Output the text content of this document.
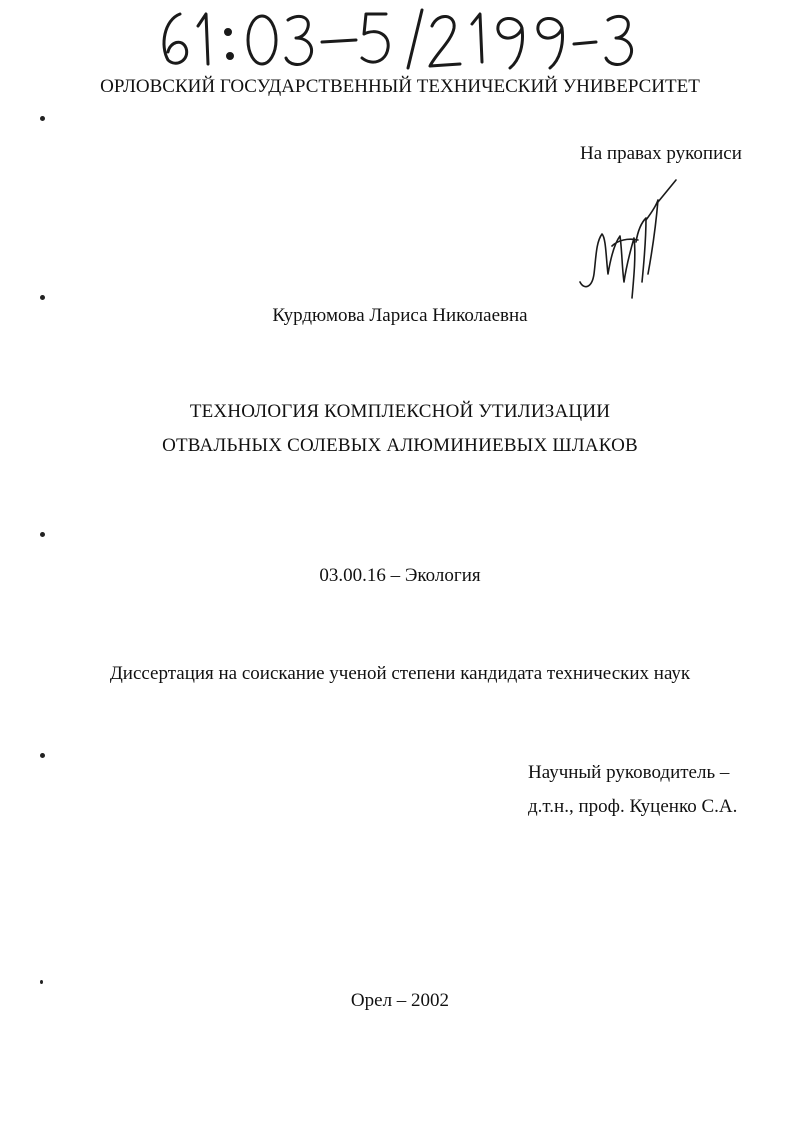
ОРЛОВСКИЙ ГОСУДАРСТВЕННЫЙ ТЕХНИЧЕСКИЙ УНИВЕРСИТЕТ
На правах рукописи
Курдюмова Лариса Николаевна
ТЕХНОЛОГИЯ КОМПЛЕКСНОЙ УТИЛИЗАЦИИ
ОТВАЛЬНЫХ СОЛЕВЫХ АЛЮМИНИЕВЫХ ШЛАКОВ
03.00.16 – Экология
Диссертация на соискание ученой степени кандидата технических наук
Научный руководитель –
д.т.н., проф. Куценко С.А.
Орел – 2002
